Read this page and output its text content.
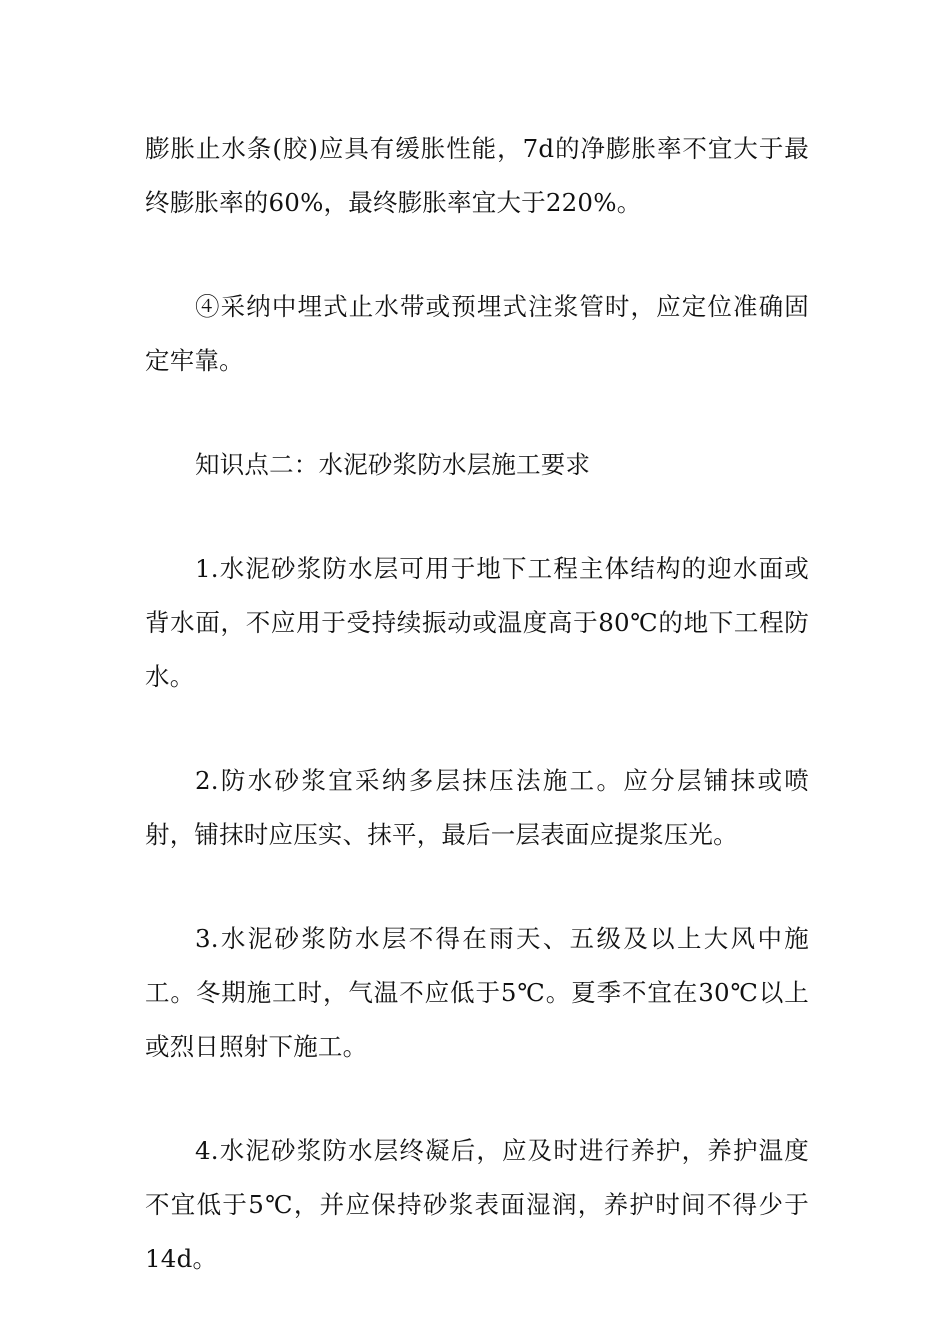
膨胀止水条(胶)应具有缓胀性能，7d的净膨胀率不宜大于最终膨胀率的60%，最终膨胀率宜大于220%。

④采纳中埋式止水带或预埋式注浆管时，应定位准确固定牢靠。

知识点二：水泥砂浆防水层施工要求

1.水泥砂浆防水层可用于地下工程主体结构的迎水面或背水面，不应用于受持续振动或温度高于80℃的地下工程防水。

2.防水砂浆宜采纳多层抹压法施工。应分层铺抹或喷射，铺抹时应压实、抹平，最后一层表面应提浆压光。

3.水泥砂浆防水层不得在雨天、五级及以上大风中施工。冬期施工时，气温不应低于5℃。夏季不宜在30℃以上或烈日照射下施工。

4.水泥砂浆防水层终凝后，应及时进行养护，养护温度不宜低于5℃，并应保持砂浆表面湿润，养护时间不得少于14d。
